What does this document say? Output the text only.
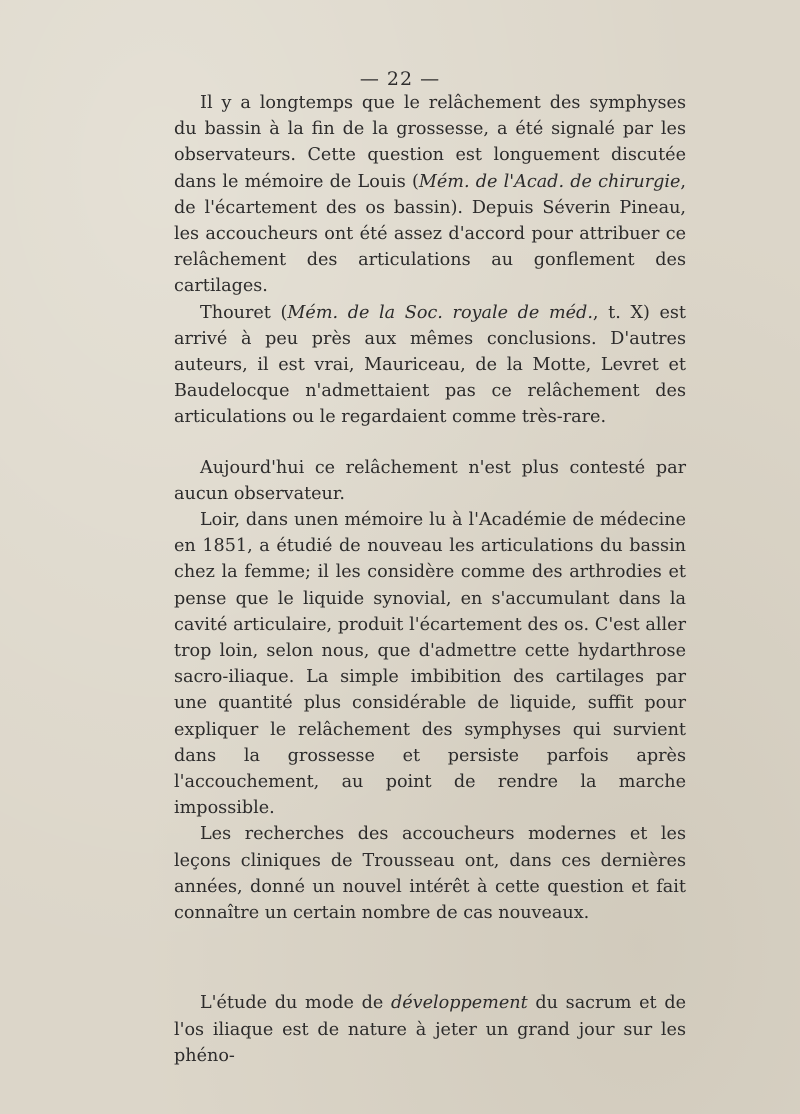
— 22 —

Il y a longtemps que le relâchement des symphyses du bassin à la fin de la grossesse, a été signalé par les observateurs. Cette question est longuement discutée dans le mémoire de Louis (Mém. de l'Acad. de chirurgie, de l'écartement des os bassin). Depuis Séverin Pineau, les accoucheurs ont été assez d'accord pour attribuer ce relâchement des articulations au gonflement des cartilages.

Thouret (Mém. de la Soc. royale de méd., t. X) est arrivé à peu près aux mêmes conclusions. D'autres auteurs, il est vrai, Mauriceau, de la Motte, Levret et Baudelocque n'admettaient pas ce relâchement des articulations ou le regardaient comme très-rare.

Aujourd'hui ce relâchement n'est plus contesté par aucun observateur.

Loir, dans unen mémoire lu à l'Académie de médecine en 1851, a étudié de nouveau les articulations du bassin chez la femme; il les considère comme des arthrodies et pense que le liquide synovial, en s'accumulant dans la cavité articulaire, produit l'écartement des os. C'est aller trop loin, selon nous, que d'admettre cette hydarthrose sacro-iliaque. La simple imbibition des cartilages par une quantité plus considérable de liquide, suffit pour expliquer le relâchement des symphyses qui survient dans la grossesse et persiste parfois après l'accouchement, au point de rendre la marche impossible.

Les recherches des accoucheurs modernes et les leçons cliniques de Trousseau ont, dans ces dernières années, donné un nouvel intérêt à cette question et fait connaître un certain nombre de cas nouveaux.

L'étude du mode de développement du sacrum et de l'os iliaque est de nature à jeter un grand jour sur les phéno-
